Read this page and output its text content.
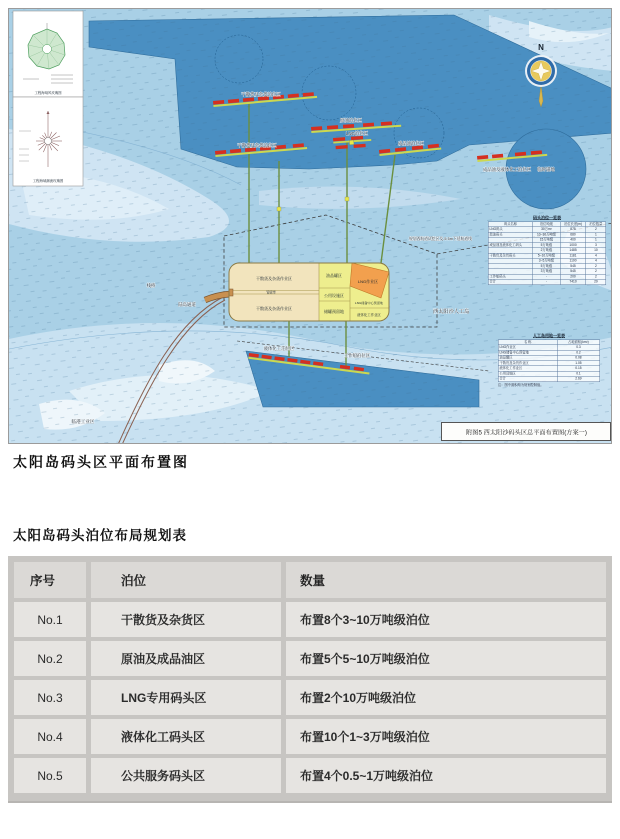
干散货及杂货作业区
干散货及杂货作业区
管廊带
油品罐区
公用设施区
储罐预留地
LNG作业区
LNG储备中心预留地
液体化工作业区
干散货及杂货泊位区
干散货及杂货泊位区
原油泊位区
LNG泊位区
成品油泊位区
成品油及液体化工泊位区
液体化工泊位区
工作船泊位区
西太阳沙人工岛
临时锚地
规划西航道试挖区及-5.5m下延航道线
栈桥
陆岛通道
临港工业区
N
工程海域风玫瑰图
工程海域潮流玫瑰图
码头泊位一览表
码头名称	泊位吨级	泊位长度(m)	泊位数量
LNG码头	30万m³	875	2
原油码头	10~30万吨级	680	1
	15万吨级	400	1
成品油及液体化工码头	5万吨级	1000	3
	2万吨级	1485	10
干散货及杂货码头	5~10万吨级	1181	4
	3~5万吨级	1100	4
	5万吨级	545	2
	3万吨级	545	2
工作船码头	-	200	2
合计	-	7410	29
人工岛用地一览表
名 称	占地面积(km²)
LNG作业区	0.3
LNG储备中心预留地	0.2
油品罐区	0.08
干散货及杂货作业区	1.05
液体化工作业区	0.15
公用设施区	0.1
合计	2.69
注：图中面积均为规划控制值。
附图5 西太阳沙码头区总平面布置图(方案一)
太阳岛码头区平面布置图
太阳岛码头泊位布局规划表
序号	泊位	数量
No.1	干散货及杂货区	布置8个3~10万吨级泊位
No.2	原油及成品油区	布置5个5~10万吨级泊位
No.3	LNG专用码头区	布置2个10万吨级泊位
No.4	液体化工码头区	布置10个1~3万吨级泊位
No.5	公共服务码头区	布置4个0.5~1万吨级泊位
